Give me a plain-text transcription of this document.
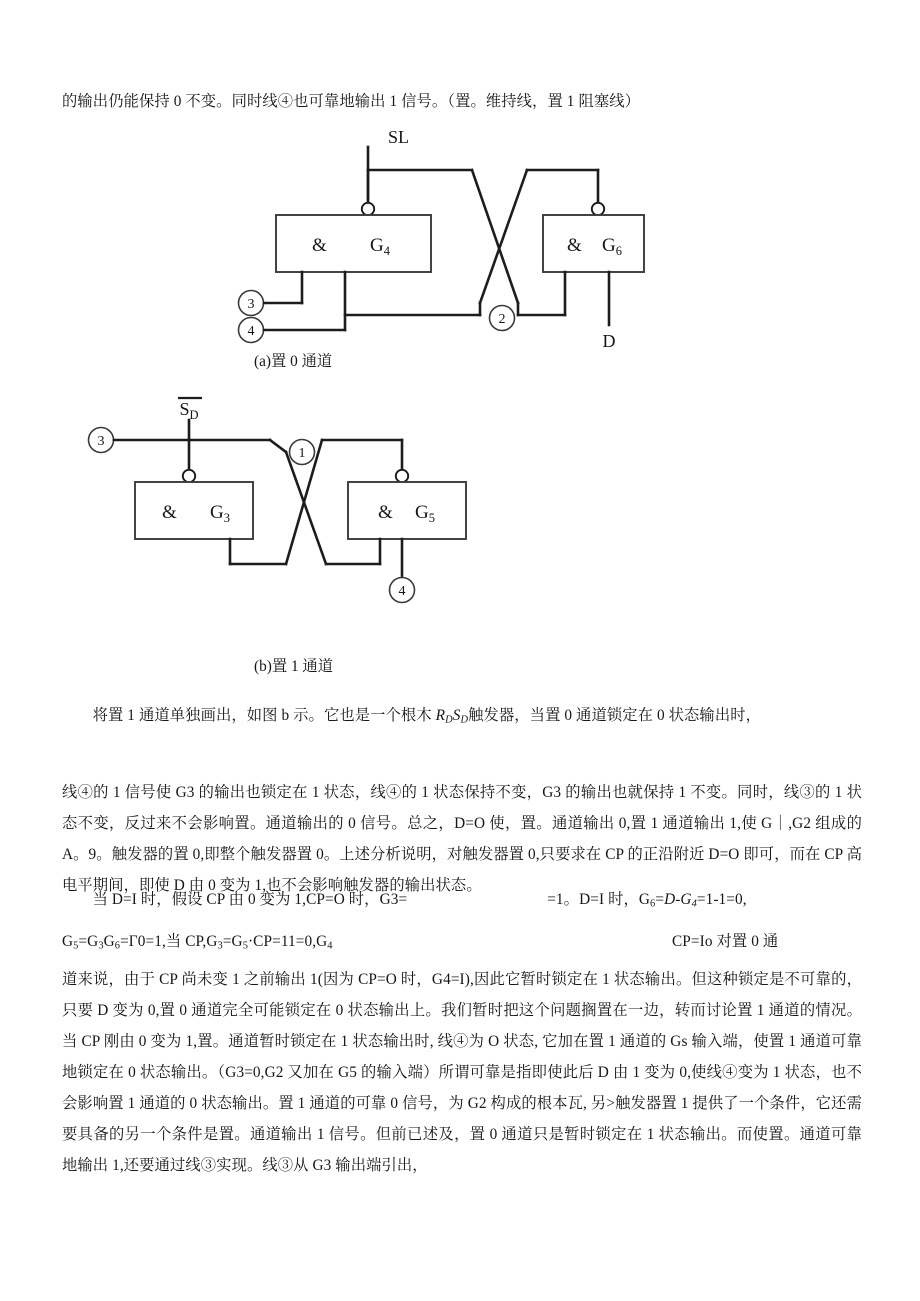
的输出仍能保持 0 不变。同时线④也可靠地输出 1 信号。（置。维持线，置 1 阻塞线）
& $G_4$	& $G_6$
3
4
2
D
SL
(a)置 0 通道
$S_D$
3
1
& $G_3$	& $G_5$
4
(b)置 1 通道
将置 1 通道单独画出，如图 b 示。它也是一个根木 $R_DS_D$触发器，当置 0 通道锁定在 0 状态输出时，
线④的 1 信号使 G3 的输出也锁定在 1 状态，线④的 1 状态保持不变，G3 的输出也就保持 1 不变。同时，线③的 1 状态不变，反过来不会影响置。通道输出的 0 信号。总之，D=O 使，置。通道输出 0,置 1 通道输出 1,使 G｜,G2 组成的 A。9。触发器的置 0,即整个触发器置 0。上述分析说明，对触发器置 0,只要求在 CP 的正沿附近 D=O 即可，而在 CP 高电平期间，即使 D 由 0 变为 1,也不会影响触发器的输出状态。
当 D=I 时，假设 CP 由 0 变为 1,CP=O 时，G3=	=1。D=I 时，$G_6=D-G_4=1-1=0$,
$G_5=G_3G_6=\Gamma 0=1$,当 $CP,G_3=G_5\cdot CP=11=0,G_4$	CP=Io 对置 0 通
道来说，由于 CP 尚未变 1 之前输出 1(因为 CP=O 时，G4=I),因此它暂时锁定在 1 状态输出。但这种锁定是不可靠的，只要 D 变为 0,置 0 通道完全可能锁定在 0 状态输出上。我们暂时把这个问题搁置在一边，转而讨论置 1 通道的情况。当 CP 刚由 0 变为 1,置。通道暂时锁定在 1 状态输出时, 线④为 O 状态, 它加在置 1 通道的 Gs 输入端，使置 1 通道可靠地锁定在 0 状态输出。（G3=0,G2 又加在 G5 的输入端）所谓可靠是指即使此后 D 由 1 变为 0,使线④变为 1 状态，也不会影响置 1 通道的 0 状态输出。置 1 通道的可靠 0 信号，为 G2 构成的根本瓦, 另>触发器置 1 提供了一个条件，它还需要具备的另一个条件是置。通道输出 1 信号。但前已述及，置 0 通道只是暂时锁定在 1 状态输出。而使置。通道可靠地输出 1,还要通过线③实现。线③从 G3 输出端引出，
